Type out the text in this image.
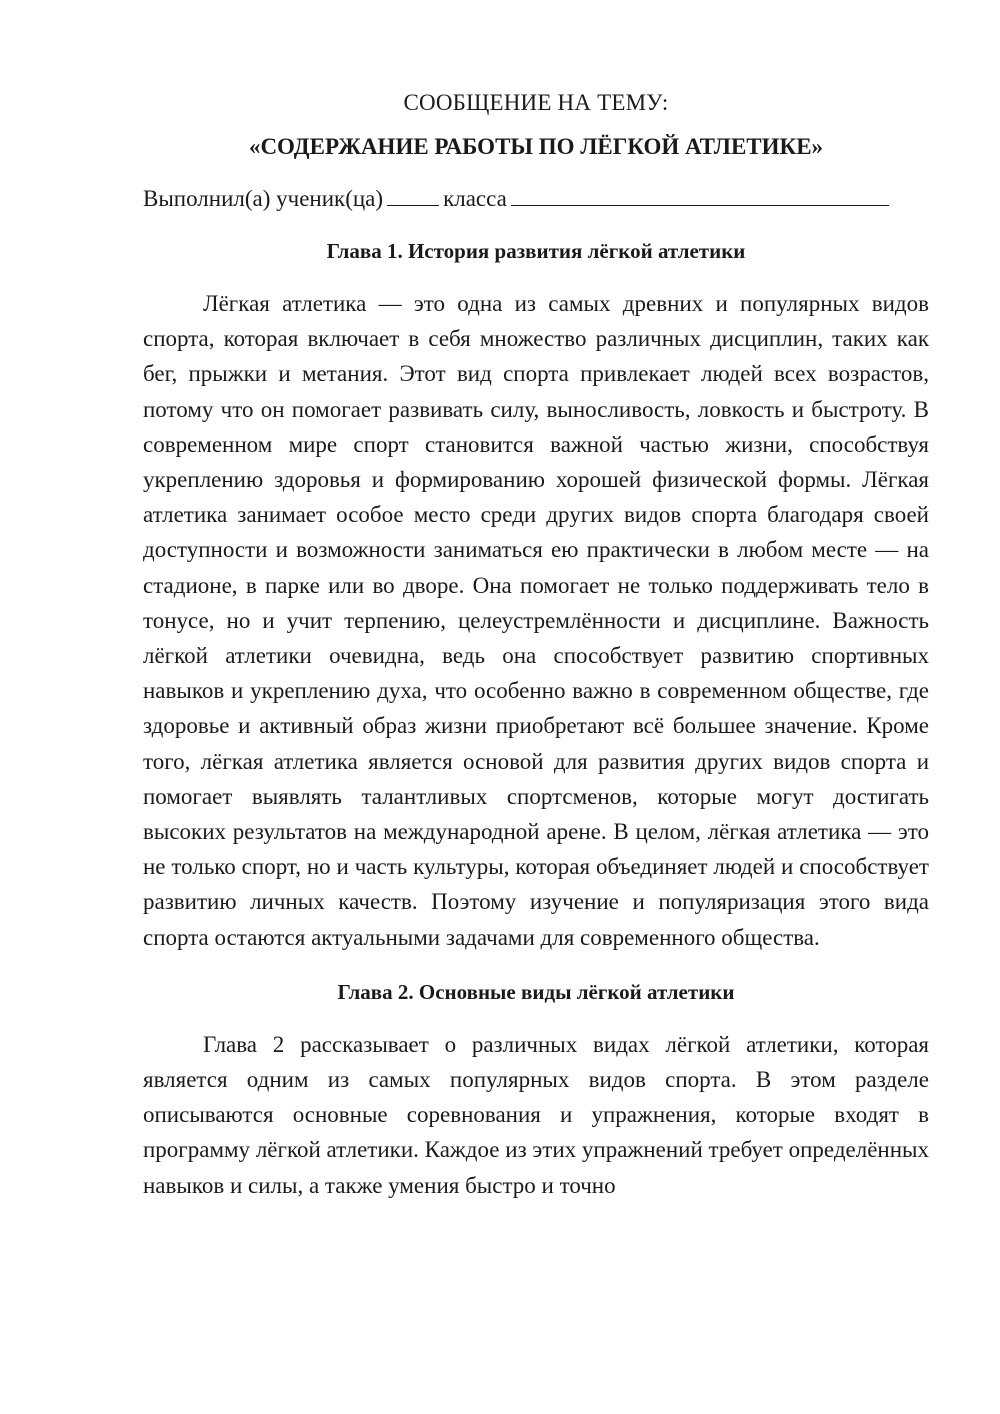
СООБЩЕНИЕ НА ТЕМУ:

«СОДЕРЖАНИЕ РАБОТЫ ПО ЛЁГКОЙ АТЛЕТИКЕ»

Выполнил(а) ученик(ца)	класса

Глава 1. История развития лёгкой атлетики

Лёгкая атлетика — это одна из самых древних и популярных видов спорта, которая включает в себя множество различных дисциплин, таких как бег, прыжки и метания. Этот вид спорта привлекает людей всех возрастов, потому что он помогает развивать силу, выносливость, ловкость и быстроту. В современном мире спорт становится важной частью жизни, способствуя укреплению здоровья и формированию хорошей физической формы. Лёгкая атлетика занимает особое место среди других видов спорта благодаря своей доступности и возможности заниматься ею практически в любом месте — на стадионе, в парке или во дворе. Она помогает не только поддерживать тело в тонусе, но и учит терпению, целеустремлённости и дисциплине. Важность лёгкой атлетики очевидна, ведь она способствует развитию спортивных навыков и укреплению духа, что особенно важно в современном обществе, где здоровье и активный образ жизни приобретают всё большее значение. Кроме того, лёгкая атлетика является основой для развития других видов спорта и помогает выявлять талантливых спортсменов, которые могут достигать высоких результатов на международной арене. В целом, лёгкая атлетика — это не только спорт, но и часть культуры, которая объединяет людей и способствует развитию личных качеств. Поэтому изучение и популяризация этого вида спорта остаются актуальными задачами для современного общества.

Глава 2. Основные виды лёгкой атлетики

Глава 2 рассказывает о различных видах лёгкой атлетики, которая является одним из самых популярных видов спорта. В этом разделе описываются основные соревнования и упражнения, которые входят в программу лёгкой атлетики. Каждое из этих упражнений требует определённых навыков и силы, а также умения быстро и точно
